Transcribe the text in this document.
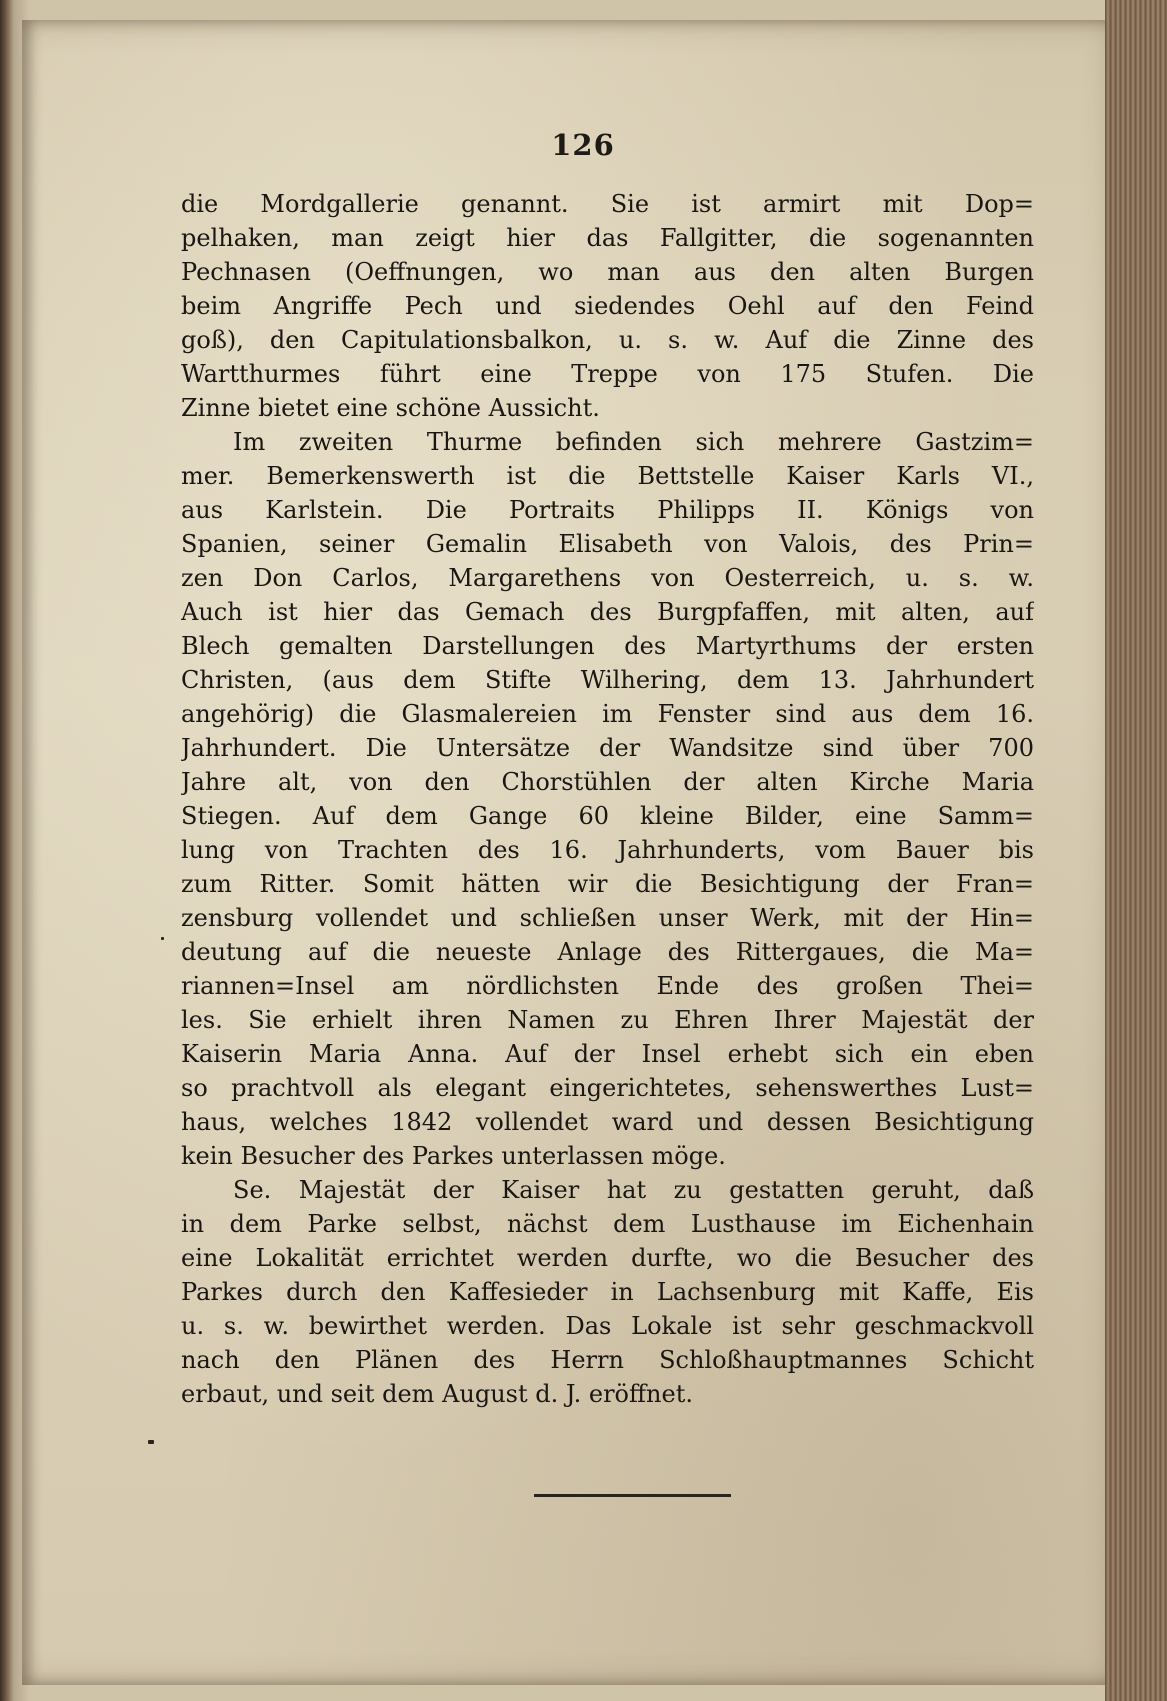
126
die Mordgallerie genannt. Sie ist armirt mit Dop=
pelhaken, man zeigt hier das Fallgitter, die sogenannten
Pechnasen (Oeffnungen, wo man aus den alten Burgen
beim Angriffe Pech und siedendes Oehl auf den Feind
goß), den Capitulationsbalkon, u. s. w. Auf die Zinne des
Wartthurmes führt eine Treppe von 175 Stufen. Die
Zinne bietet eine schöne Aussicht.
Im zweiten Thurme befinden sich mehrere Gastzim=
mer. Bemerkenswerth ist die Bettstelle Kaiser Karls VI.,
aus Karlstein. Die Portraits Philipps II. Königs von
Spanien, seiner Gemalin Elisabeth von Valois, des Prin=
zen Don Carlos, Margarethens von Oesterreich, u. s. w.
Auch ist hier das Gemach des Burgpfaffen, mit alten, auf
Blech gemalten Darstellungen des Martyrthums der ersten
Christen, (aus dem Stifte Wilhering, dem 13. Jahrhundert
angehörig) die Glasmalereien im Fenster sind aus dem 16.
Jahrhundert. Die Untersätze der Wandsitze sind über 700
Jahre alt, von den Chorstühlen der alten Kirche Maria
Stiegen. Auf dem Gange 60 kleine Bilder, eine Samm=
lung von Trachten des 16. Jahrhunderts, vom Bauer bis
zum Ritter. Somit hätten wir die Besichtigung der Fran=
zensburg vollendet und schließen unser Werk, mit der Hin=
deutung auf die neueste Anlage des Rittergaues, die Ma=
riannen=Insel am nördlichsten Ende des großen Thei=
les. Sie erhielt ihren Namen zu Ehren Ihrer Majestät der
Kaiserin Maria Anna. Auf der Insel erhebt sich ein eben
so prachtvoll als elegant eingerichtetes, sehenswerthes Lust=
haus, welches 1842 vollendet ward und dessen Besichtigung
kein Besucher des Parkes unterlassen möge.
Se. Majestät der Kaiser hat zu gestatten geruht, daß
in dem Parke selbst, nächst dem Lusthause im Eichenhain
eine Lokalität errichtet werden durfte, wo die Besucher des
Parkes durch den Kaffesieder in Lachsenburg mit Kaffe, Eis
u. s. w. bewirthet werden. Das Lokale ist sehr geschmackvoll
nach den Plänen des Herrn Schloßhauptmannes Schicht
erbaut, und seit dem August d. J. eröffnet.
